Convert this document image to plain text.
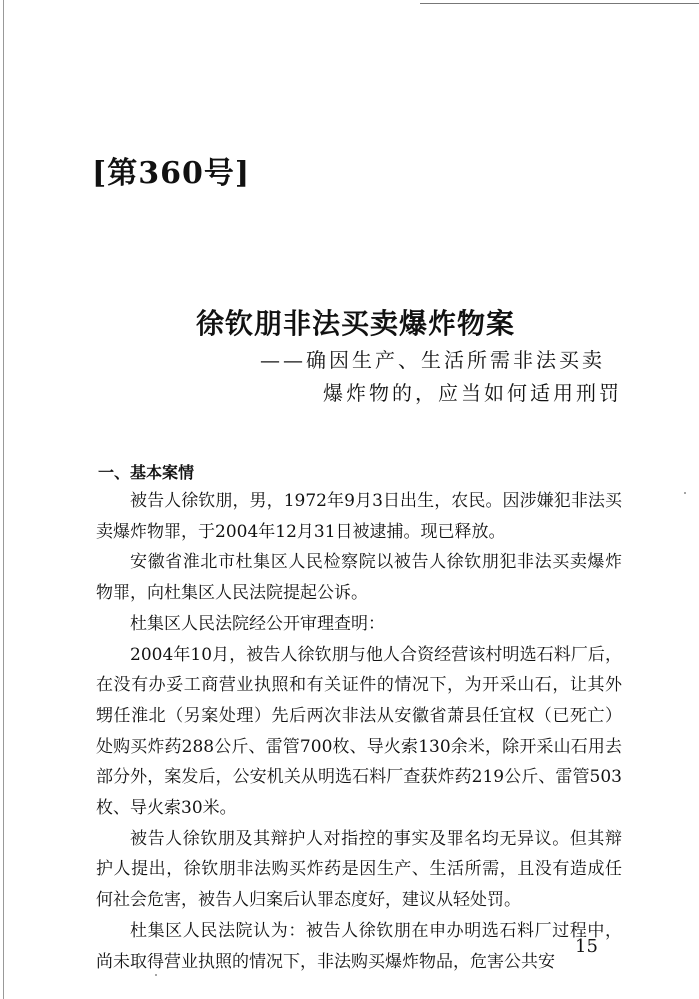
[第360号]
徐钦朋非法买卖爆炸物案
——确因生产、生活所需非法买卖
爆炸物的，应当如何适用刑罚
一、基本案情

被告人徐钦朋，男，1972年9月3日出生，农民。因涉嫌犯非法买卖爆炸物罪，于2004年12月31日被逮捕。现已释放。

安徽省淮北市杜集区人民检察院以被告人徐钦朋犯非法买卖爆炸物罪，向杜集区人民法院提起公诉。

杜集区人民法院经公开审理查明：

2004年10月，被告人徐钦朋与他人合资经营该村明选石料厂后，在没有办妥工商营业执照和有关证件的情况下，为开采山石，让其外甥任淮北（另案处理）先后两次非法从安徽省萧县任宜权（已死亡）处购买炸药288公斤、雷管700枚、导火索130余米，除开采山石用去部分外，案发后，公安机关从明选石料厂查获炸药219公斤、雷管503枚、导火索30米。

被告人徐钦朋及其辩护人对指控的事实及罪名均无异议。但其辩护人提出，徐钦朋非法购买炸药是因生产、生活所需，且没有造成任何社会危害，被告人归案后认罪态度好，建议从轻处罚。

杜集区人民法院认为：被告人徐钦朋在申办明选石料厂过程中，尚未取得营业执照的情况下，非法购买爆炸物品，危害公共安

15
